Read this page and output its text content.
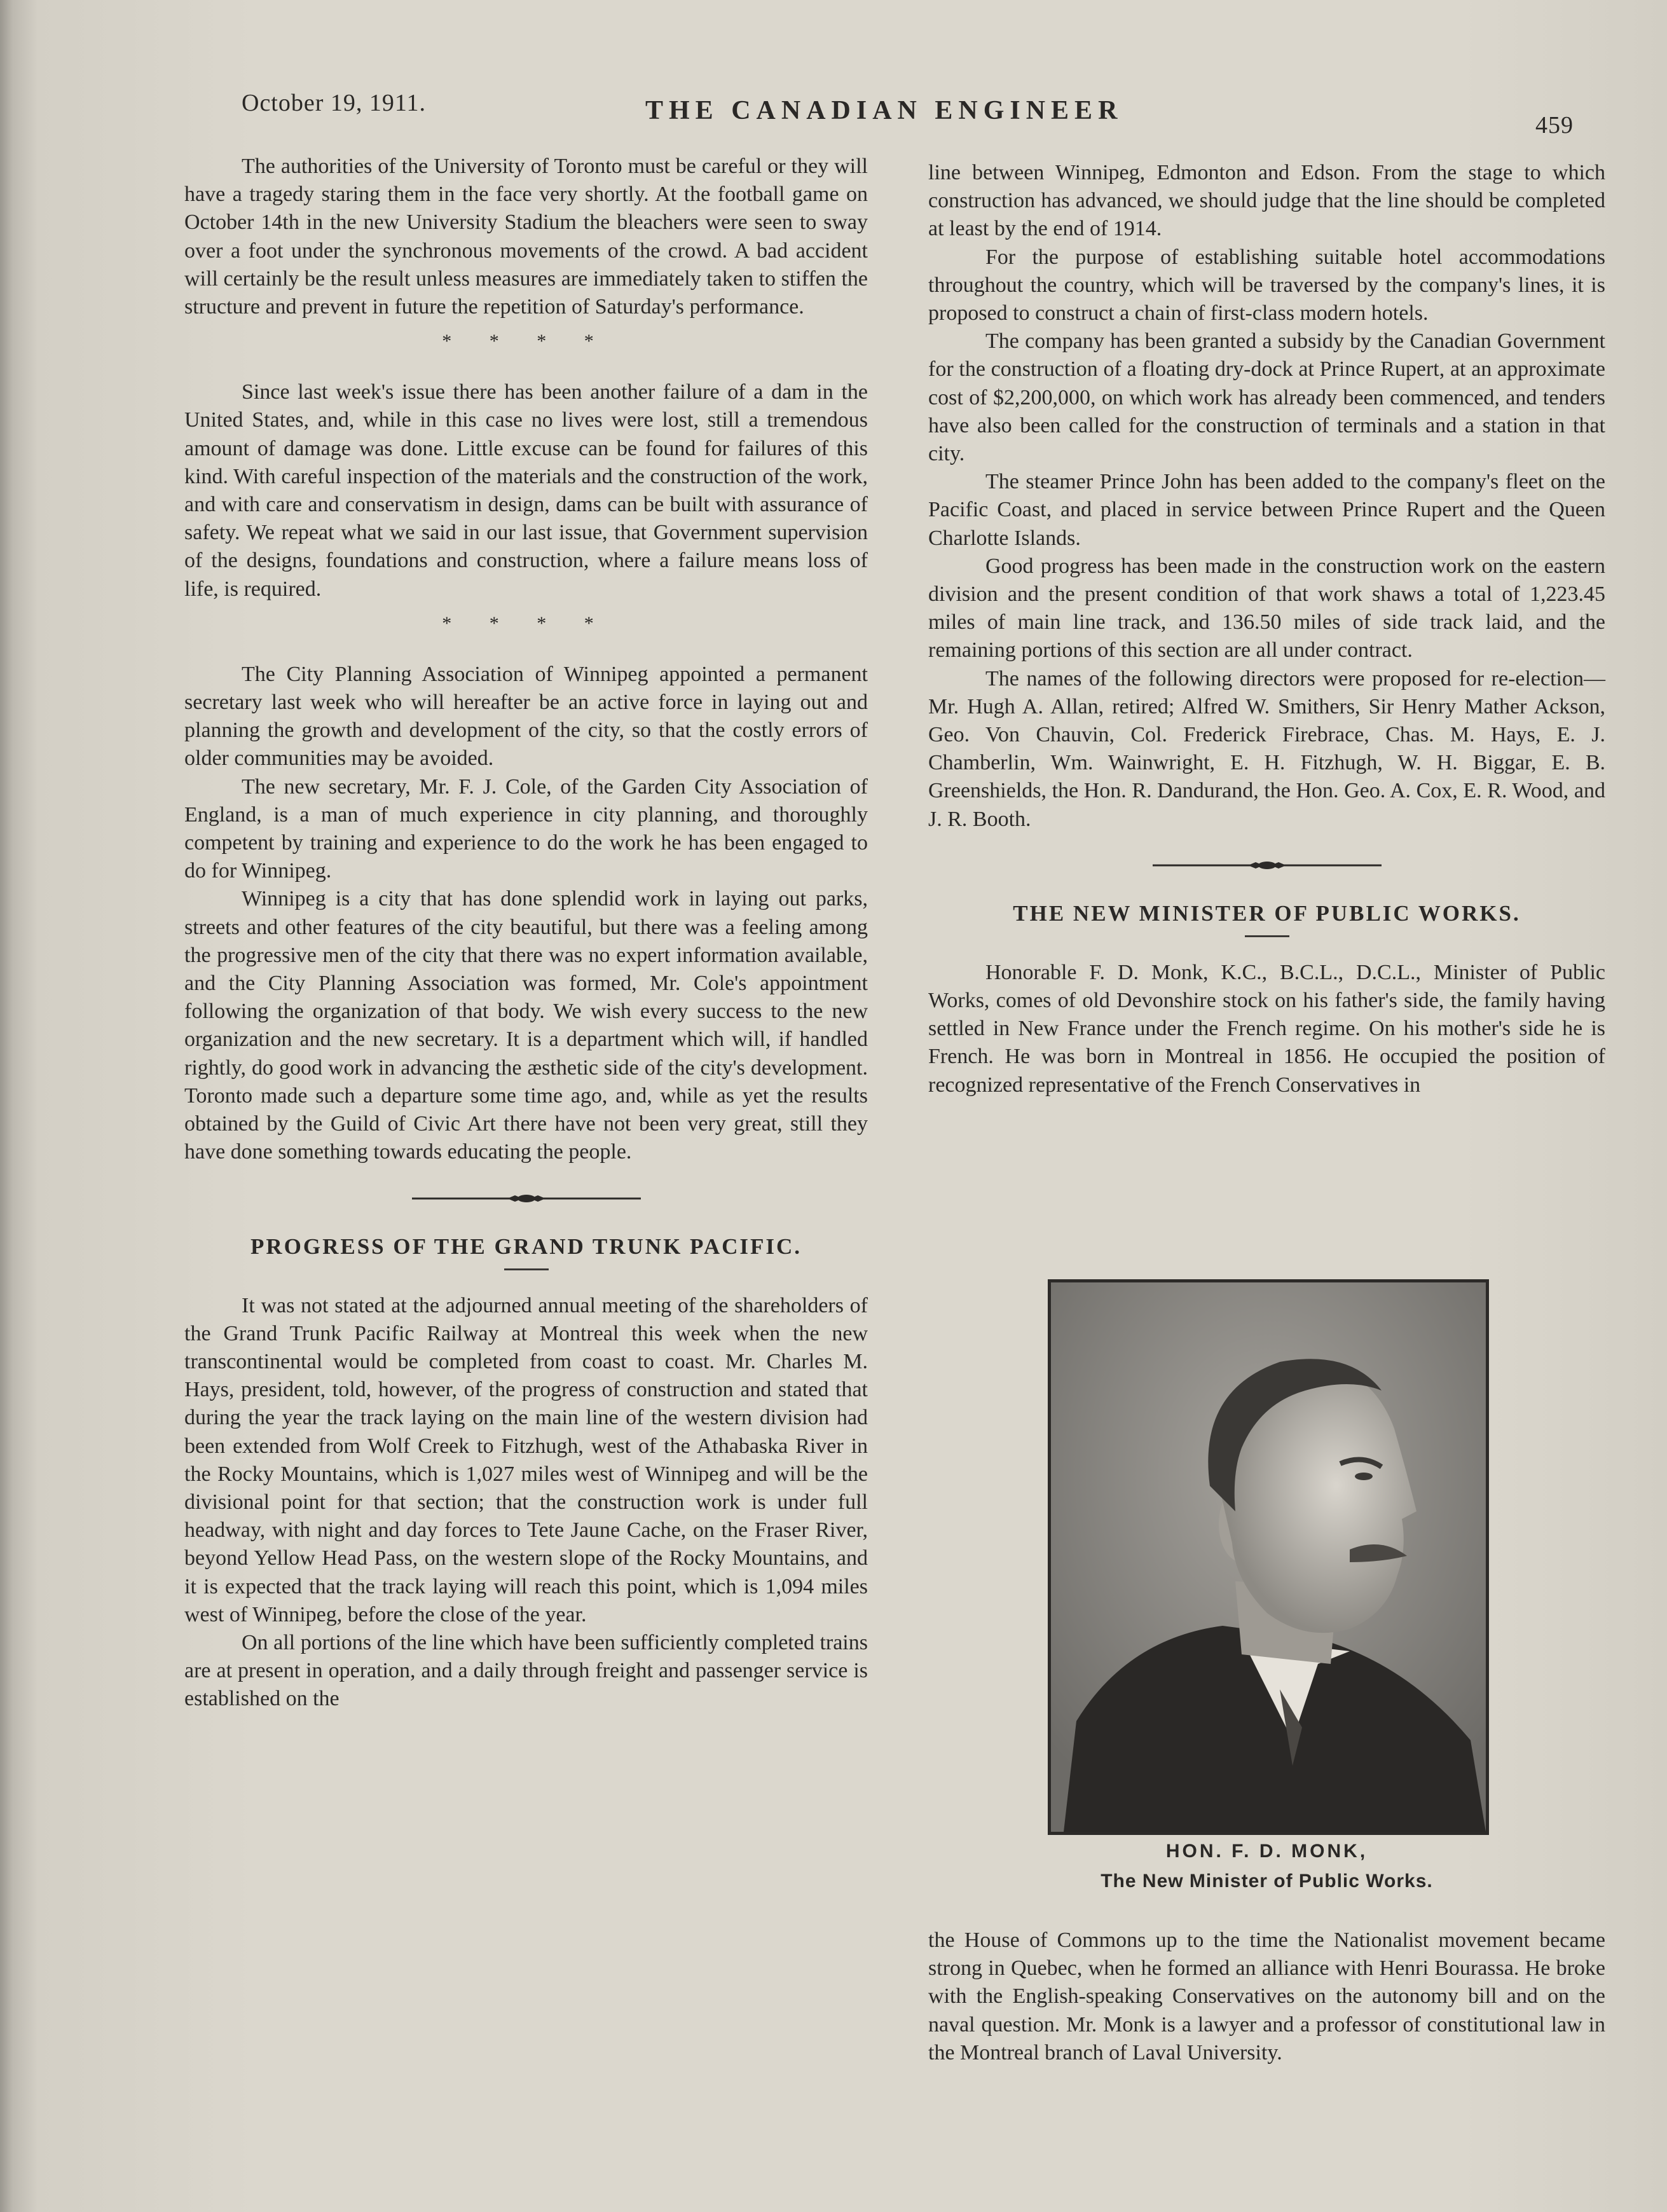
October 19, 1911.	THE CANADIAN ENGINEER	459

The authorities of the University of Toronto must be careful or they will have a tragedy staring them in the face very shortly. At the football game on October 14th in the new University Stadium the bleachers were seen to sway over a foot under the synchronous movements of the crowd. A bad accident will certainly be the result unless measures are immediately taken to stiffen the structure and prevent in future the repetition of Saturday's performance.

* * * *

Since last week's issue there has been another failure of a dam in the United States, and, while in this case no lives were lost, still a tremendous amount of damage was done. Little excuse can be found for failures of this kind. With careful inspection of the materials and the construction of the work, and with care and conservatism in design, dams can be built with assurance of safety. We repeat what we said in our last issue, that Government supervision of the designs, foundations and construction, where a failure means loss of life, is required.

* * * *

The City Planning Association of Winnipeg appointed a permanent secretary last week who will hereafter be an active force in laying out and planning the growth and development of the city, so that the costly errors of older communities may be avoided.

The new secretary, Mr. F. J. Cole, of the Garden City Association of England, is a man of much experience in city planning, and thoroughly competent by training and experience to do the work he has been engaged to do for Winnipeg.

Winnipeg is a city that has done splendid work in laying out parks, streets and other features of the city beautiful, but there was a feeling among the progressive men of the city that there was no expert information available, and the City Planning Association was formed, Mr. Cole's appointment following the organization of that body. We wish every success to the new organization and the new secretary. It is a department which will, if handled rightly, do good work in advancing the æsthetic side of the city's development. Toronto made such a departure some time ago, and, while as yet the results obtained by the Guild of Civic Art there have not been very great, still they have done something towards educating the people.

PROGRESS OF THE GRAND TRUNK PACIFIC.

It was not stated at the adjourned annual meeting of the shareholders of the Grand Trunk Pacific Railway at Montreal this week when the new transcontinental would be completed from coast to coast. Mr. Charles M. Hays, president, told, however, of the progress of construction and stated that during the year the track laying on the main line of the western division had been extended from Wolf Creek to Fitzhugh, west of the Athabaska River in the Rocky Mountains, which is 1,027 miles west of Winnipeg and will be the divisional point for that section; that the construction work is under full headway, with night and day forces to Tete Jaune Cache, on the Fraser River, beyond Yellow Head Pass, on the western slope of the Rocky Mountains, and it is expected that the track laying will reach this point, which is 1,094 miles west of Winnipeg, before the close of the year.

On all portions of the line which have been sufficiently completed trains are at present in operation, and a daily through freight and passenger service is established on the

line between Winnipeg, Edmonton and Edson. From the stage to which construction has advanced, we should judge that the line should be completed at least by the end of 1914.

For the purpose of establishing suitable hotel accommodations throughout the country, which will be traversed by the company's lines, it is proposed to construct a chain of first-class modern hotels.

The company has been granted a subsidy by the Canadian Government for the construction of a floating dry-dock at Prince Rupert, at an approximate cost of $2,200,000, on which work has already been commenced, and tenders have also been called for the construction of terminals and a station in that city.

The steamer Prince John has been added to the company's fleet on the Pacific Coast, and placed in service between Prince Rupert and the Queen Charlotte Islands.

Good progress has been made in the construction work on the eastern division and the present condition of that work shaws a total of 1,223.45 miles of main line track, and 136.50 miles of side track laid, and the remaining portions of this section are all under contract.

The names of the following directors were proposed for re-election—Mr. Hugh A. Allan, retired; Alfred W. Smithers, Sir Henry Mather Ackson, Geo. Von Chauvin, Col. Frederick Firebrace, Chas. M. Hays, E. J. Chamberlin, Wm. Wainwright, E. H. Fitzhugh, W. H. Biggar, E. B. Greenshields, the Hon. R. Dandurand, the Hon. Geo. A. Cox, E. R. Wood, and J. R. Booth.

THE NEW MINISTER OF PUBLIC WORKS.

Honorable F. D. Monk, K.C., B.C.L., D.C.L., Minister of Public Works, comes of old Devonshire stock on his father's side, the family having settled in New France under the French regime. On his mother's side he is French. He was born in Montreal in 1856. He occupied the position of recognized representative of the French Conservatives in

HON. F. D. MONK,
The New Minister of Public Works.

the House of Commons up to the time the Nationalist movement became strong in Quebec, when he formed an alliance with Henri Bourassa. He broke with the English-speaking Conservatives on the autonomy bill and on the naval question. Mr. Monk is a lawyer and a professor of constitutional law in the Montreal branch of Laval University.
